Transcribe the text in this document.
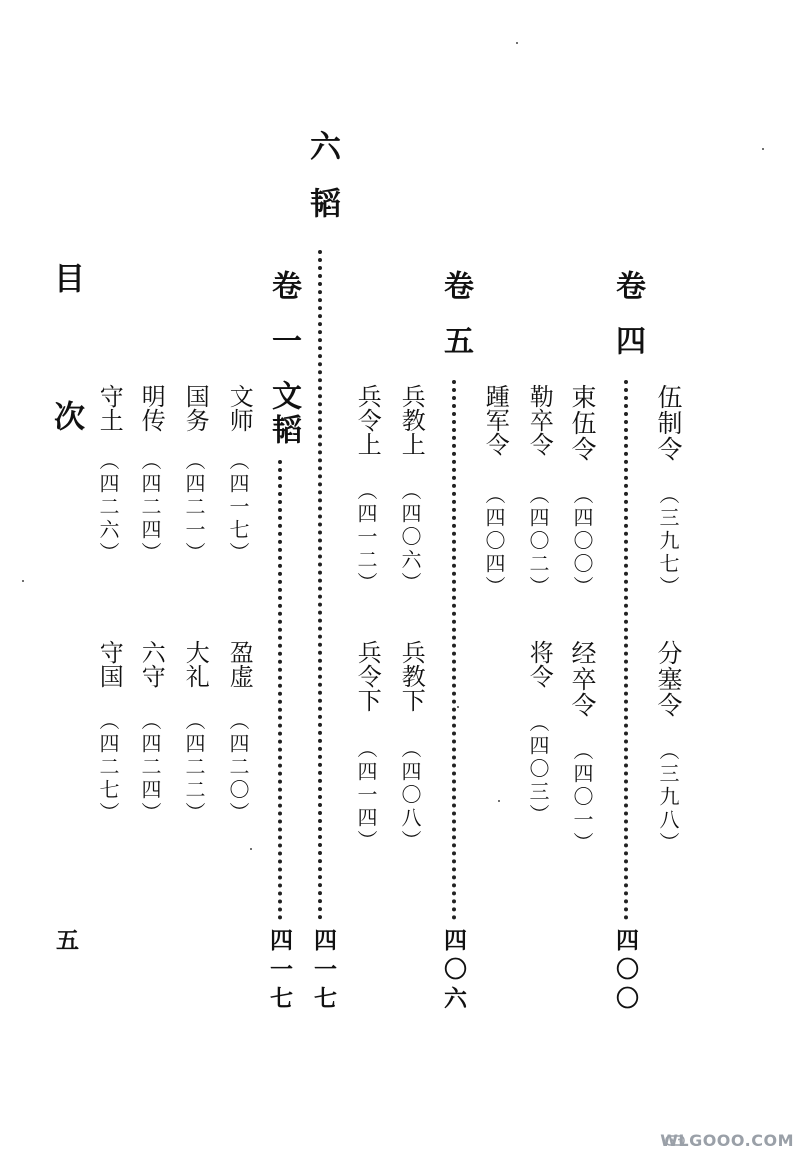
目
次
五
六韬
四一七
卷一
文韬
四一七
文师
（四一七）
国务
（四二一）
明传
（四二四）
守土
（四二六）
盈虚
（四二〇）
大礼
（四二二）
六守
（四二四）
守国
（四二七）
卷五
四〇六
兵教上
（四〇六）
兵令上
（四一二）
兵教下
（四〇八）
兵令下
（四一四）
卷四
四〇〇
伍制令
（三九七）
束伍令
（四〇〇）
勒卒令
（四〇二）
踵军令
（四〇四）
分塞令
（三九八）
经卒令
（四〇一）
将令
（四〇三）
WLGOOO.COM
